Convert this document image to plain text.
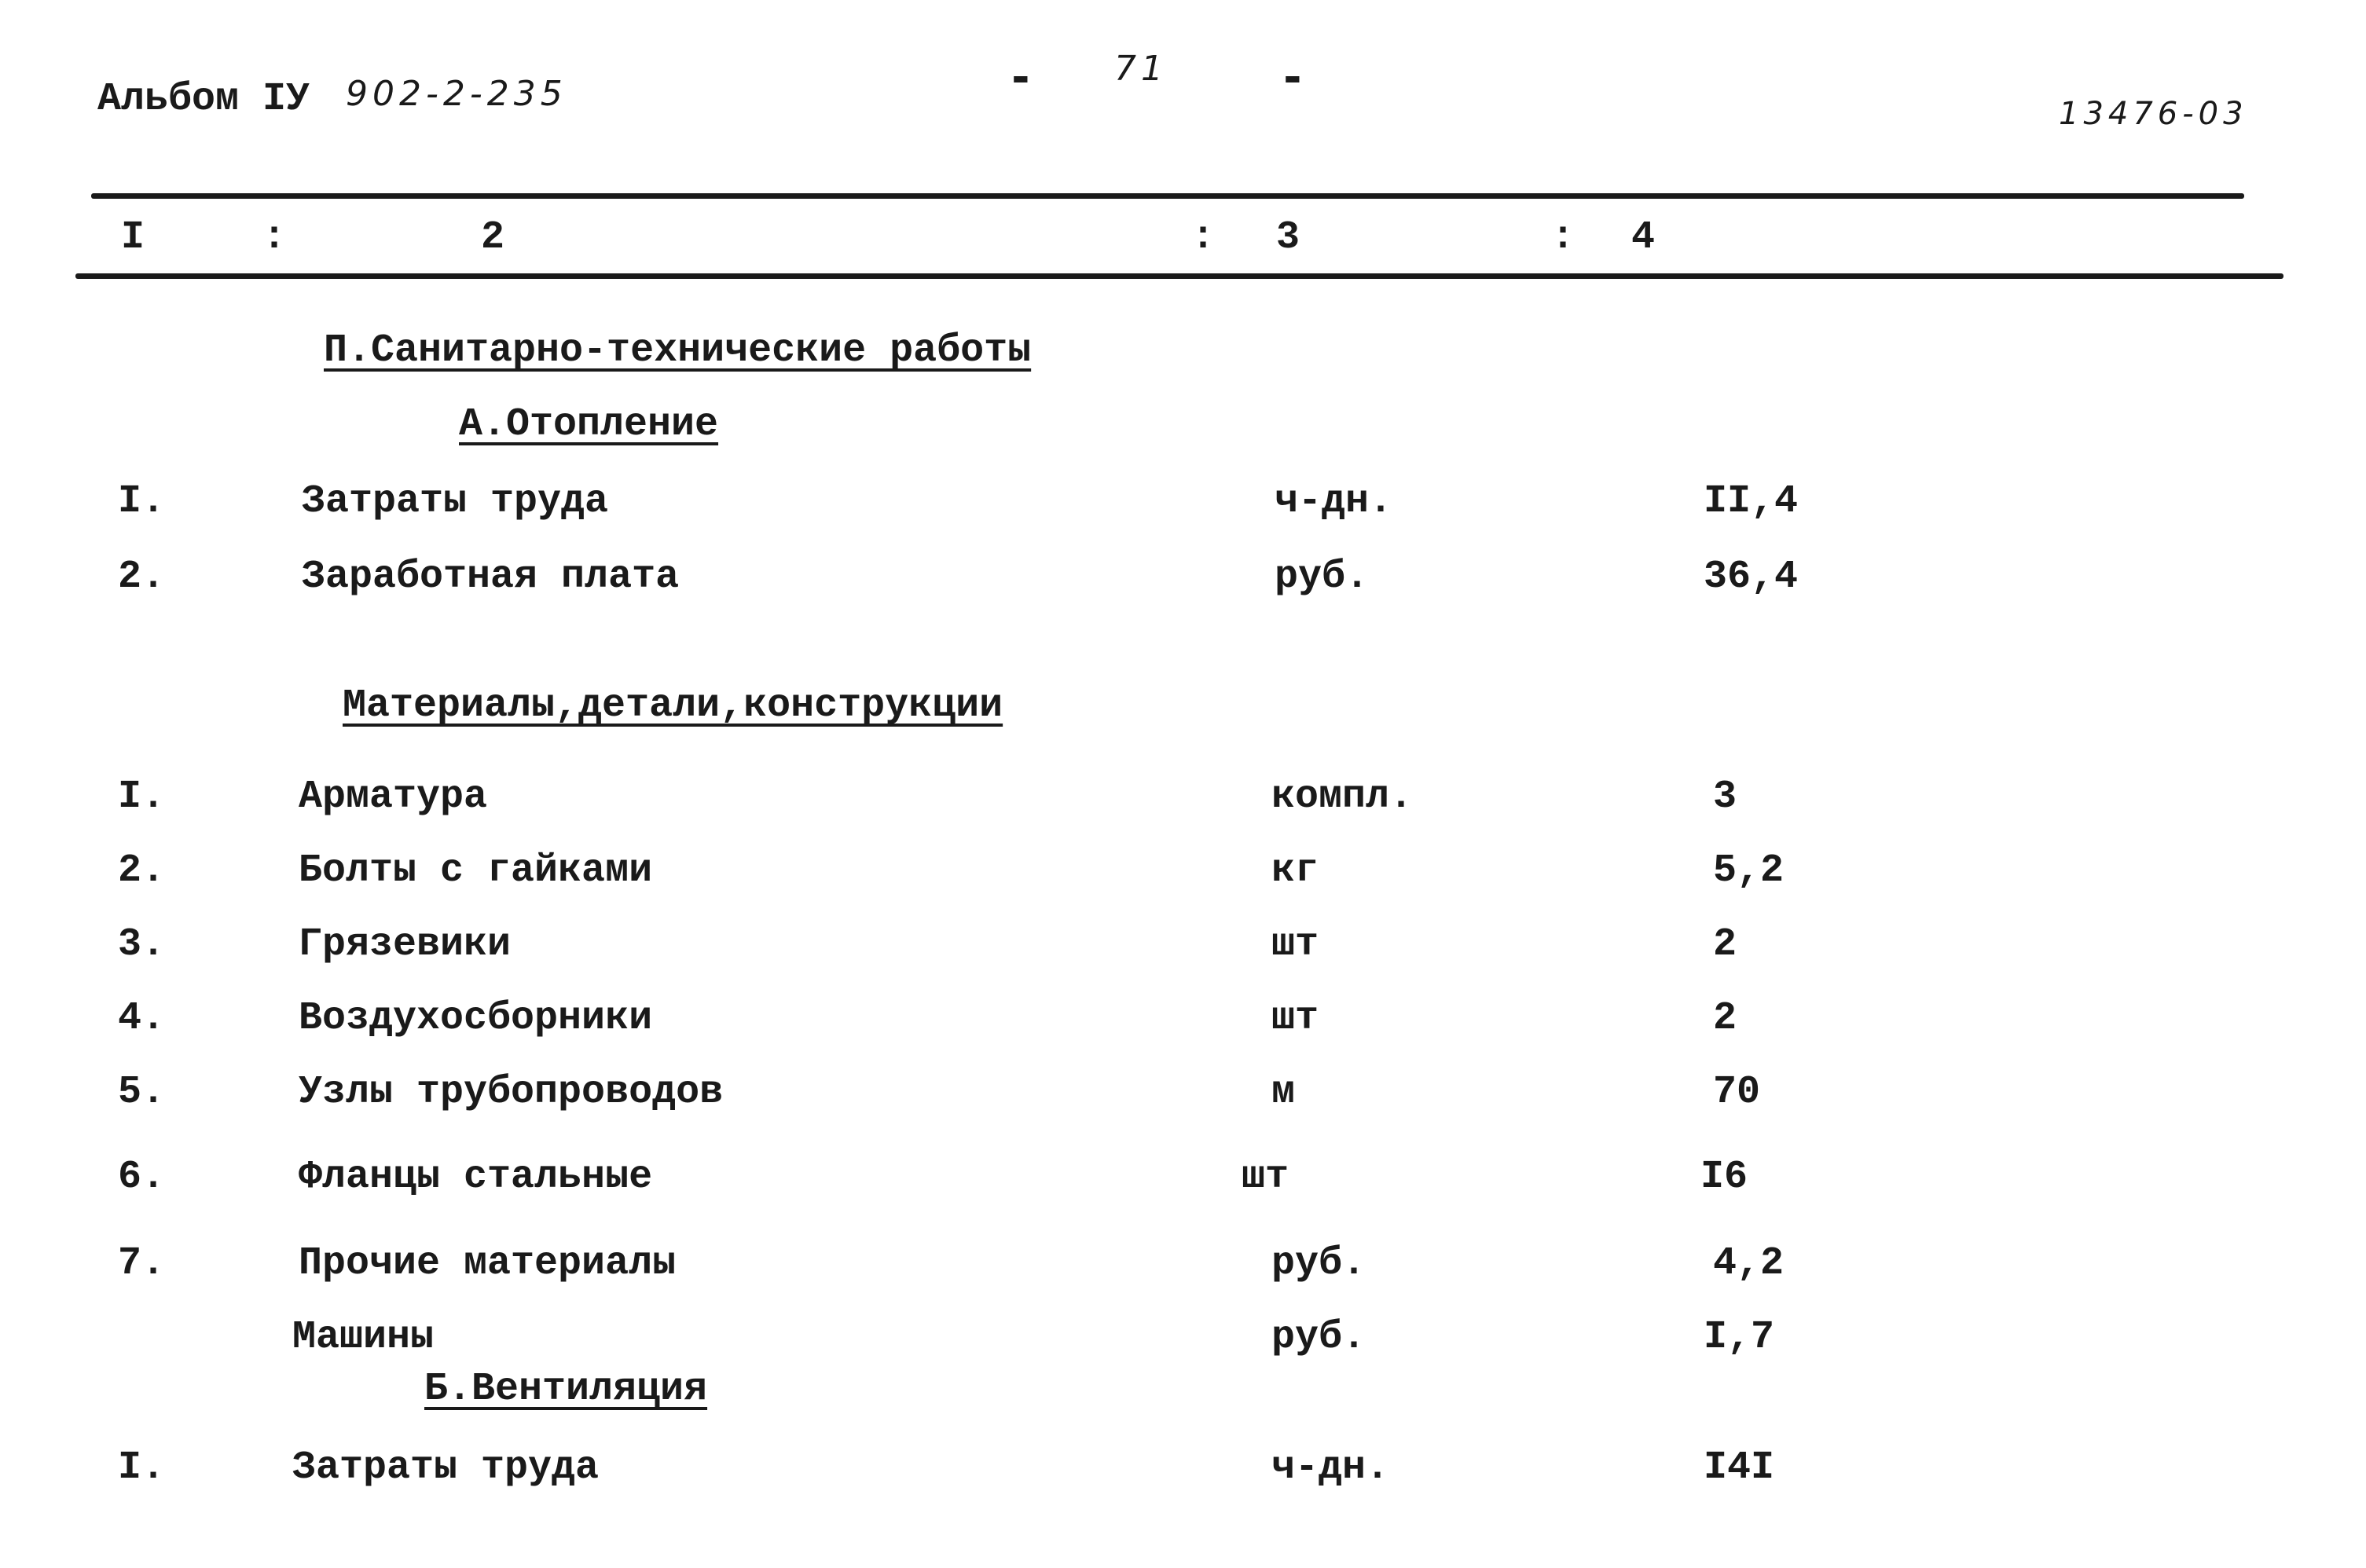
Альбом IУ 902-2-235	- 71	-
13476-03
I	:	2	: 3	: 4
П.Санитарно-технические работы
А.Отопление
I.	Затраты труда	ч-дн.	II,4
2.	Заработная плата	руб.	36,4
Материалы,детали,конструкции
I.	Арматура	компл.	3
2.	Болты с гайками	кг	5,2
3.	Грязевики	шт	2
4.	Воздухосборники	шт	2
5.	Узлы трубопроводов	м	70
6.	Фланцы стальные	шт	I6
7.	Прочие материалы	руб.	4,2
Машины	руб.	I,7
Б.Вентиляция
I.	Затраты труда	ч-дн.	I4I
